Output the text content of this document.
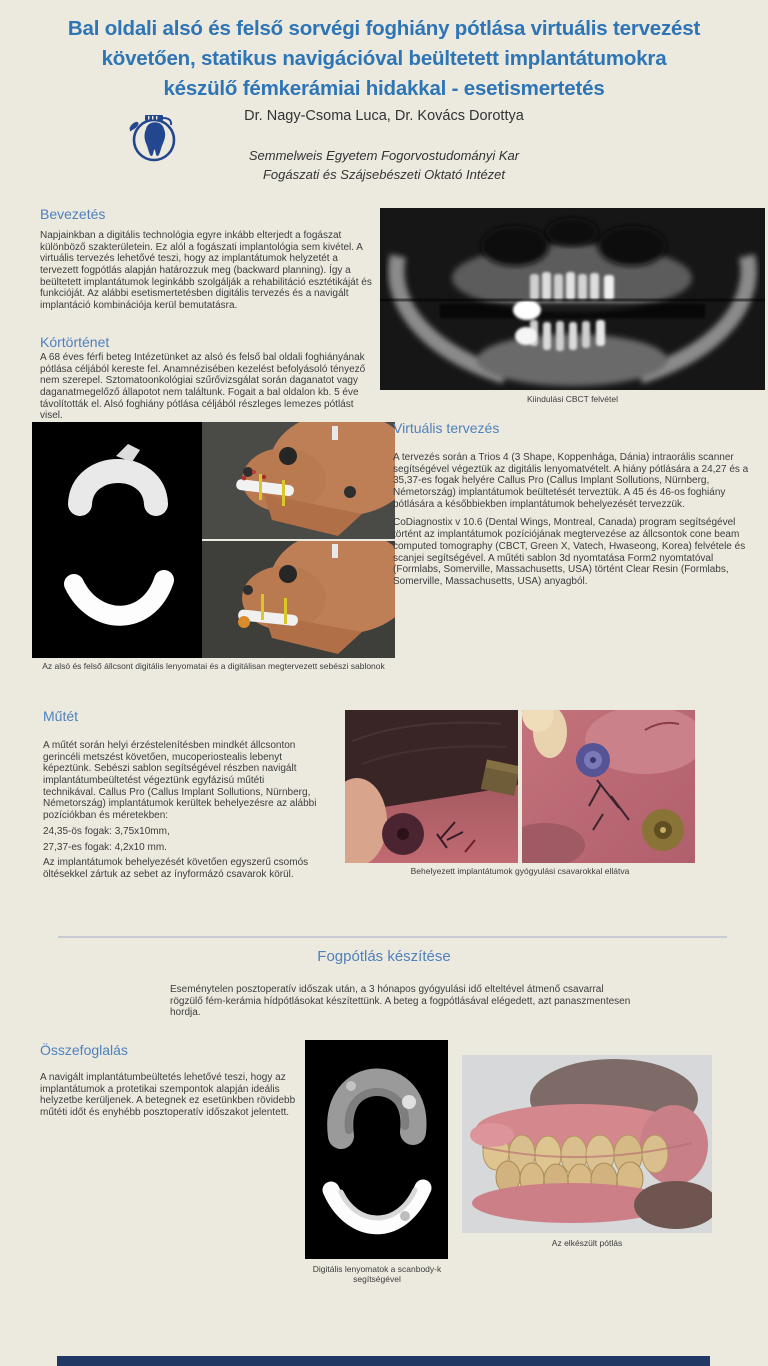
Bal oldali alsó és felső sorvégi foghiány pótlása virtuális tervezést
követően, statikus navigációval beültetett implantátumokra
készülő fémkerámiai hidakkal - esetismertetés
Dr. Nagy-Csoma Luca, Dr. Kovács Dorottya
Semmelweis Egyetem Fogorvostudományi Kar
Fogászati és Szájsebészeti Oktató Intézet
Bevezetés
Napjainkban a digitális technológia egyre inkább elterjedt a fogászat különböző szakterületein. Ez alól a fogászati implantológia sem kivétel. A virtuális tervezés lehetővé teszi, hogy az implantátumok helyzetét a tervezett fogpótlás alapján határozzuk meg (backward planning). Így a beültetett implantátumok leginkább szolgálják a rehabilitáció esztétikáját és funkcióját. Az alábbi esetismertetésben digitális tervezés és a navigált implantáció kombinációja kerül bemutatásra.
Kórtörténet
A 68 éves férfi beteg Intézetünket az alsó és felső bal oldali foghiányának pótlása céljából kereste fel. Anamnézisében kezelést befolyásoló tényező nem szerepel. Sztomatoonkológiai szűrővizsgálat során daganatot vagy daganatmegelőző állapotot nem találtunk. Fogait a bal oldalon kb. 5 éve távolították el. Alsó foghiány pótlása céljából részleges lemezes pótlást visel.
Kiindulási CBCT felvétel
Az alsó és felső állcsont digitális lenyomatai és a digitálisan megtervezett sebészi sablonok
Virtuális tervezés

A tervezés során a Trios 4 (3 Shape, Koppenhága, Dánia) intraorális scanner segítségével végeztük az digitális lenyomatvételt. A hiány pótlására a 24,27 és a 35,37-es fogak helyére Callus Pro (Callus Implant Sollutions, Nürnberg, Németország) implantátumok beültetését terveztük. A 45 és 46-os foghiány pótlására a későbbiekben implantátumok behelyezését tervezzük.

CoDiagnostix v 10.6 (Dental Wings, Montreal, Canada) program segítségével történt az implantátumok pozíciójának megtervezése az állcsontok cone beam computed tomography (CBCT, Green X, Vatech, Hwaseong, Korea) felvétele és scanjei segítségével. A műtéti sablon 3d nyomtatása Form2 nyomtatóval (Formlabs, Somerville, Massachusetts, USA) történt Clear Resin (Formlabs, Somerville, Massachusetts, USA) anyagból.

Műtét

A műtét során helyi érzéstelenítésben mindkét állcsonton gerincéli metszést követően, mucoperiostealis lebenyt képeztünk. Sebészi sablon segítségével részben navigált implantátumbeültetést végeztünk egyfázisú műtéti technikával. Callus Pro (Callus Implant Sollutions, Nürnberg, Németország) implantátumok kerültek behelyezésre az alábbi pozíciókban és méretekben:

24,35-ös fogak: 3,75x10mm,

27,37-es fogak: 4,2x10 mm.

Az implantátumok behelyezését követően egyszerű csomós öltésekkel zártuk az sebet az ínyformázó csavarok körül.	Behelyezett implantátumok gyógyulási csavarokkal ellátva
Fogpótlás készítése
Eseménytelen posztoperatív időszak után, a 3 hónapos gyógyulási idő elteltével átmenő csavarral rögzülő fém-kerámia hídpótlásokat készítettünk. A beteg a fogpótlásával elégedett, azt panaszmentesen hordja.
Összefoglalás
A navigált implantátumbeültetés lehetővé teszi, hogy az implantátumok a protetikai szempontok alapján ideális helyzetbe kerüljenek. A betegnek ez esetünkben rövidebb műtéti időt és enyhébb posztoperatív időszakot jelentett.
Digitális lenyomatok a scanbody-k segítségével
Az elkészült pótlás
